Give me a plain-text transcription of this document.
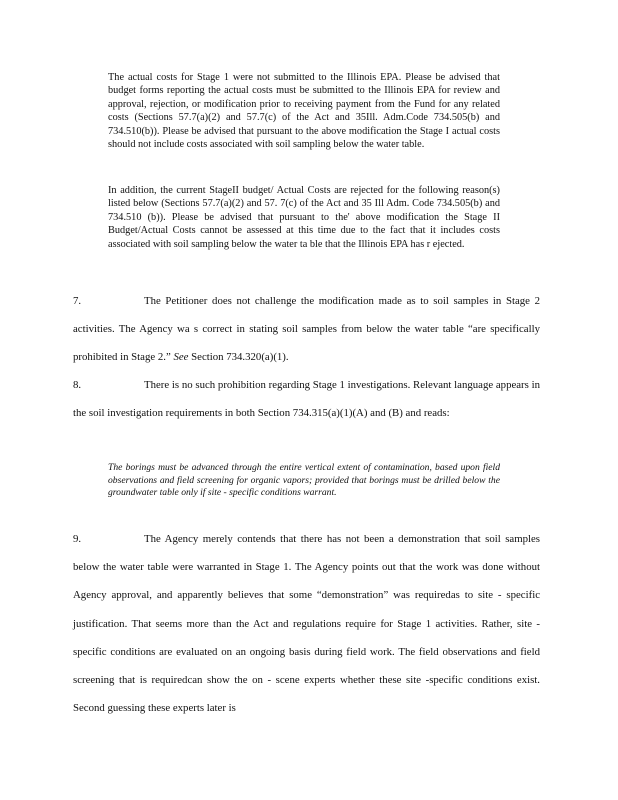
The actual costs for Stage 1 were not submitted to the Illinois EPA. Please be advised that budget forms reporting the actual costs must be submitted to the Illinois EPA for review and approval, rejection, or modification prior to receiving payment from the Fund for any related costs (Sections 57.7(a)(2) and 57.7(c) of the Act and 35Ill. Adm.Code 734.505(b) and 734.510(b)). Please be advised that pursuant to the above modification the Stage I actual costs should not include costs associated with soil sampling below the water table.
In addition, the current StageII budget/ Actual Costs are rejected for the following reason(s) listed below (Sections 57.7(a)(2) and 57. 7(c) of the Act and 35 Ill Adm. Code 734.505(b) and 734.510 (b)). Please be advised that pursuant to the' above modification the Stage II Budget/Actual Costs cannot be assessed at this time due to the fact that it includes costs associated with soil sampling below the water ta ble that the Illinois EPA has r ejected.
7.	The Petitioner does not challenge the modification made as to soil samples in Stage 2 activities. The Agency wa s correct in stating soil samples from below the water table “are specifically prohibited in Stage 2.” See Section 734.320(a)(1).
8.	There is no such prohibition regarding Stage 1 investigations. Relevant language appears in the soil investigation requirements in both Section 734.315(a)(1)(A) and (B) and reads:
The borings must be advanced through the entire vertical extent of contamination, based upon field observations and field screening for organic vapors; provided that borings must be drilled below the groundwater table only if site - specific conditions warrant.
9.	The Agency merely contends that there has not been a demonstration that soil samples below the water table were warranted in Stage 1. The Agency points out that the work was done without Agency approval, and apparently believes that some “demonstration” was requiredas to site - specific justification. That seems more than the Act and regulations require for Stage 1 activities. Rather, site -specific conditions are evaluated on an ongoing basis during field work. The field observations and field screening that is requiredcan show the on - scene experts whether these site -specific conditions exist. Second guessing these experts later is
